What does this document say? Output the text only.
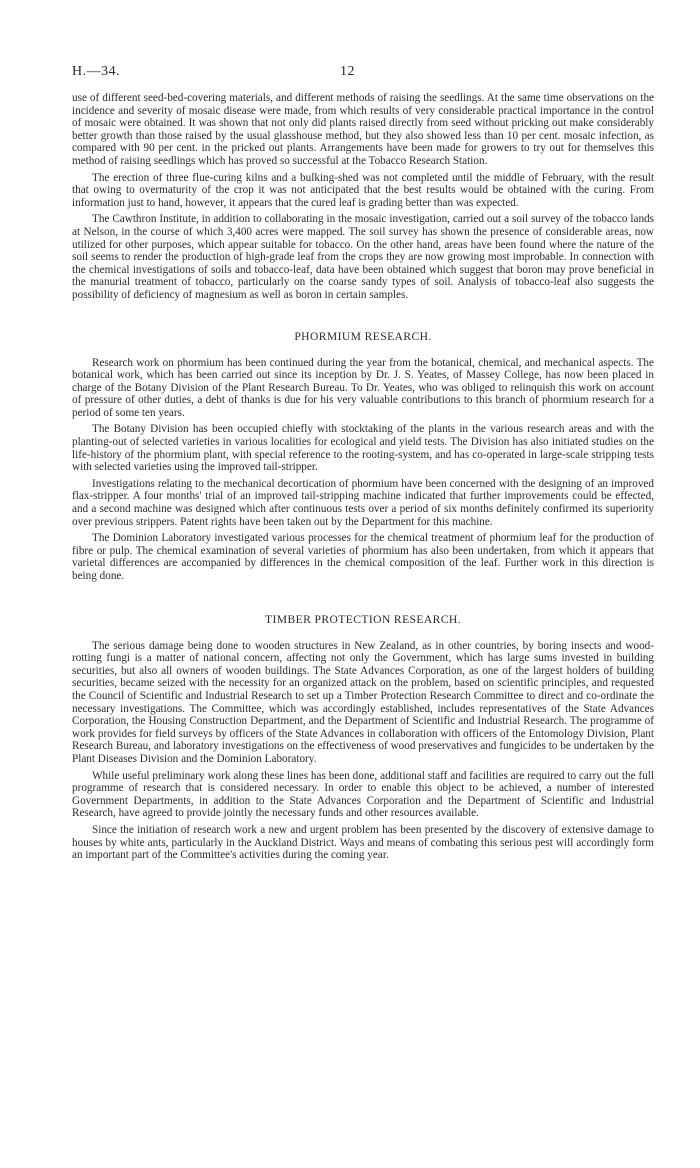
H.—34.	12

use of different seed-bed-covering materials, and different methods of raising the seedlings. At the same time observations on the incidence and severity of mosaic disease were made, from which results of very considerable practical importance in the control of mosaic were obtained. It was shown that not only did plants raised directly from seed without pricking out make considerably better growth than those raised by the usual glasshouse method, but they also showed less than 10 per cent. mosaic infection, as compared with 90 per cent. in the pricked out plants. Arrangements have been made for growers to try out for themselves this method of raising seedlings which has proved so successful at the Tobacco Research Station.

The erection of three flue-curing kilns and a bulking-shed was not completed until the middle of February, with the result that owing to overmaturity of the crop it was not anticipated that the best results would be obtained with the curing. From information just to hand, however, it appears that the cured leaf is grading better than was expected.

The Cawthron Institute, in addition to collaborating in the mosaic investigation, carried out a soil survey of the tobacco lands at Nelson, in the course of which 3,400 acres were mapped. The soil survey has shown the presence of considerable areas, now utilized for other purposes, which appear suitable for tobacco. On the other hand, areas have been found where the nature of the soil seems to render the production of high-grade leaf from the crops they are now growing most improbable. In connection with the chemical investigations of soils and tobacco-leaf, data have been obtained which suggest that boron may prove beneficial in the manurial treatment of tobacco, particularly on the coarse sandy types of soil. Analysis of tobacco-leaf also suggests the possibility of deficiency of magnesium as well as boron in certain samples.

PHORMIUM RESEARCH.

Research work on phormium has been continued during the year from the botanical, chemical, and mechanical aspects. The botanical work, which has been carried out since its inception by Dr. J. S. Yeates, of Massey College, has now been placed in charge of the Botany Division of the Plant Research Bureau. To Dr. Yeates, who was obliged to relinquish this work on account of pressure of other duties, a debt of thanks is due for his very valuable contributions to this branch of phormium research for a period of some ten years.

The Botany Division has been occupied chiefly with stocktaking of the plants in the various research areas and with the planting-out of selected varieties in various localities for ecological and yield tests. The Division has also initiated studies on the life-history of the phormium plant, with special reference to the rooting-system, and has co-operated in large-scale stripping tests with selected varieties using the improved tail-stripper.

Investigations relating to the mechanical decortication of phormium have been concerned with the designing of an improved flax-stripper. A four months' trial of an improved tail-stripping machine indicated that further improvements could be effected, and a second machine was designed which after continuous tests over a period of six months definitely confirmed its superiority over previous strippers. Patent rights have been taken out by the Department for this machine.

The Dominion Laboratory investigated various processes for the chemical treatment of phormium leaf for the production of fibre or pulp. The chemical examination of several varieties of phormium has also been undertaken, from which it appears that varietal differences are accompanied by differences in the chemical composition of the leaf. Further work in this direction is being done.

TIMBER PROTECTION RESEARCH.

The serious damage being done to wooden structures in New Zealand, as in other countries, by boring insects and wood-rotting fungi is a matter of national concern, affecting not only the Government, which has large sums invested in building securities, but also all owners of wooden buildings. The State Advances Corporation, as one of the largest holders of building securities, became seized with the necessity for an organized attack on the problem, based on scientific principles, and requested the Council of Scientific and Industrial Research to set up a Timber Protection Research Committee to direct and co-ordinate the necessary investigations. The Committee, which was accordingly established, includes representatives of the State Advances Corporation, the Housing Construction Department, and the Department of Scientific and Industrial Research. The programme of work provides for field surveys by officers of the State Advances in collaboration with officers of the Entomology Division, Plant Research Bureau, and laboratory investigations on the effectiveness of wood preservatives and fungicides to be undertaken by the Plant Diseases Division and the Dominion Laboratory.

While useful preliminary work along these lines has been done, additional staff and facilities are required to carry out the full programme of research that is considered necessary. In order to enable this object to be achieved, a number of interested Government Departments, in addition to the State Advances Corporation and the Department of Scientific and Industrial Research, have agreed to provide jointly the necessary funds and other resources available.

Since the initiation of research work a new and urgent problem has been presented by the discovery of extensive damage to houses by white ants, particularly in the Auckland District. Ways and means of combating this serious pest will accordingly form an important part of the Committee's activities during the coming year.
